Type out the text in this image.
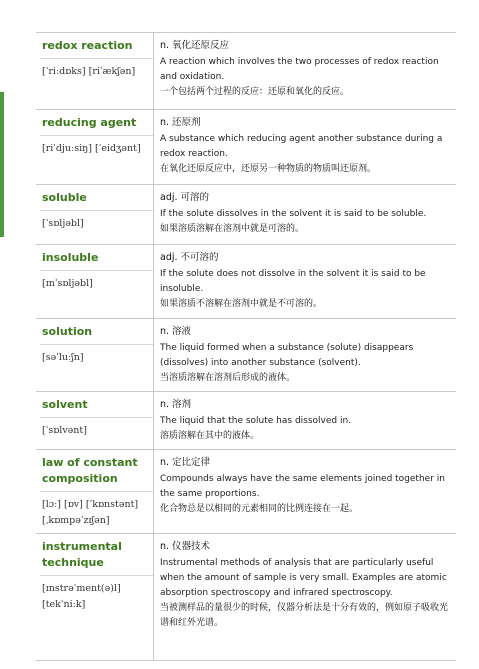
redox reaction
[ˈriːdɒks] [riˈækʃən]
n. 氧化还原反应
A reaction which involves the two processes of redox reaction and oxidation.
一个包括两个过程的反应：还原和氧化的反应。
reducing agent
[riˈdjuːsiŋ] [ˈeidʒənt]
n. 还原剂
A substance which reducing agent another substance during a redox reaction.
在氧化还原反应中，还原另一种物质的物质叫还原剂。
soluble
[ˈsɒljəbl]
adj. 可溶的
If the solute dissolves in the solvent it is said to be soluble.
如果溶质溶解在溶剂中就是可溶的。
insoluble
[ɪnˈsɒljəbl]
adj. 不可溶的
If the solute does not dissolve in the solvent it is said to be insoluble.
如果溶质不溶解在溶剂中就是不可溶的。
solution
[səˈluːʃn]
n. 溶液
The liquid formed when a substance (solute) disappears (dissolves) into another substance (solvent).
当溶质溶解在溶剂后形成的液体。
solvent
[ˈsɒlvənt]
n. 溶剂
The liquid that the solute has dissolved in.
溶质溶解在其中的液体。
law of constant composition
[lɔː] [ɒv] [ˈkɒnstənt]
[ˌkɒmpəˈzɪʃən]
n. 定比定律
Compounds always have the same elements joined together in the same proportions.
化合物总是以相同的元素相同的比例连接在一起。
instrumental technique
[ɪnstrəˈment(ə)l]
[tekˈniːk]
n. 仪器技术
Instrumental methods of analysis that are particularly useful when the amount of sample is very small. Examples are atomic absorption spectroscopy and infrared spectroscopy.
当被测样品的量很少的时候，仪器分析法是十分有效的，例如原子吸收光谱和红外光谱。
